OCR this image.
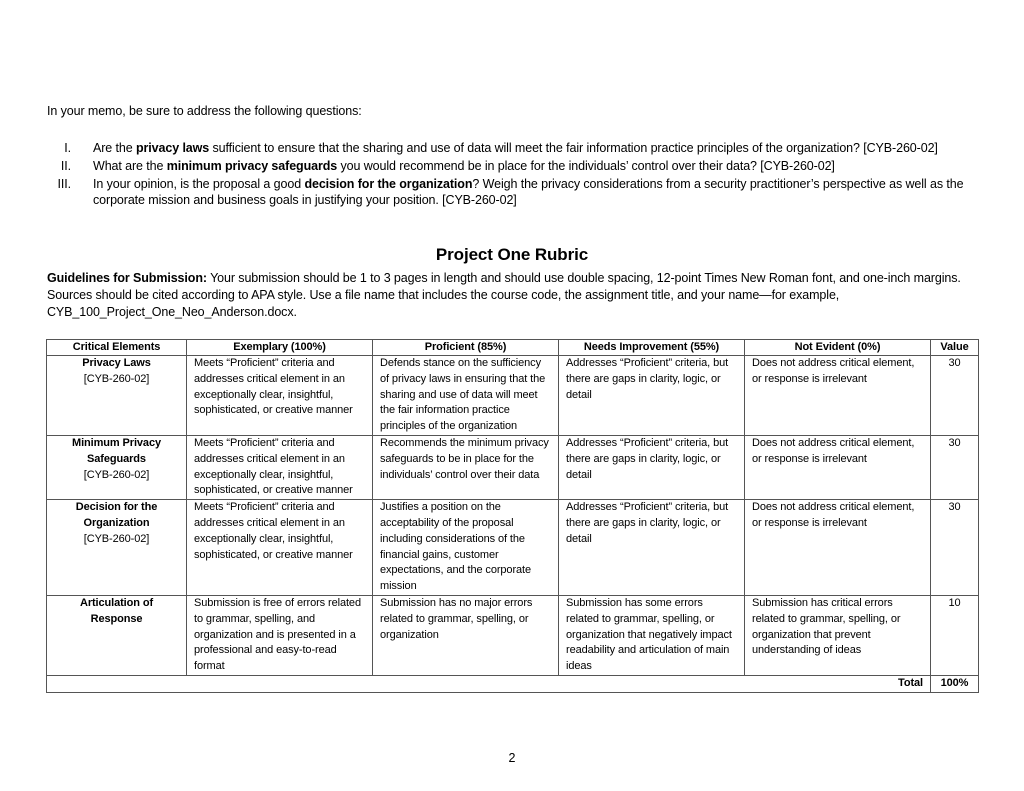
In your memo, be sure to address the following questions:
I. Are the privacy laws sufficient to ensure that the sharing and use of data will meet the fair information practice principles of the organization? [CYB-260-02]
II. What are the minimum privacy safeguards you would recommend be in place for the individuals’ control over their data? [CYB-260-02]
III. In your opinion, is the proposal a good decision for the organization? Weigh the privacy considerations from a security practitioner’s perspective as well as the corporate mission and business goals in justifying your position. [CYB-260-02]
Project One Rubric
Guidelines for Submission: Your submission should be 1 to 3 pages in length and should use double spacing, 12-point Times New Roman font, and one-inch margins. Sources should be cited according to APA style. Use a file name that includes the course code, the assignment title, and your name—for example, CYB_100_Project_One_Neo_Anderson.docx.
Critical Elements	Exemplary (100%)	Proficient (85%)	Needs Improvement (55%)	Not Evident (0%)	Value

Privacy Laws
[CYB-260-02]	Meets “Proficient” criteria and addresses critical element in an exceptionally clear, insightful, sophisticated, or creative manner	Defends stance on the sufficiency of privacy laws in ensuring that the sharing and use of data will meet the fair information practice principles of the organization	Addresses “Proficient” criteria, but there are gaps in clarity, logic, or detail	Does not address critical element, or response is irrelevant	30

Minimum Privacy Safeguards
[CYB-260-02]	Meets “Proficient” criteria and addresses critical element in an exceptionally clear, insightful, sophisticated, or creative manner	Recommends the minimum privacy safeguards to be in place for the individuals’ control over their data	Addresses “Proficient” criteria, but there are gaps in clarity, logic, or detail	Does not address critical element, or response is irrelevant	30

Decision for the Organization
[CYB-260-02]	Meets “Proficient” criteria and addresses critical element in an exceptionally clear, insightful, sophisticated, or creative manner	Justifies a position on the acceptability of the proposal including considerations of the financial gains, customer expectations, and the corporate mission	Addresses “Proficient” criteria, but there are gaps in clarity, logic, or detail	Does not address critical element, or response is irrelevant	30

Articulation of Response	Submission is free of errors related to grammar, spelling, and organization and is presented in a professional and easy-to-read format	Submission has no major errors related to grammar, spelling, or organization	Submission has some errors related to grammar, spelling, or organization that negatively impact readability and articulation of main ideas	Submission has critical errors related to grammar, spelling, or organization that prevent understanding of ideas	10
Total					100%
2
